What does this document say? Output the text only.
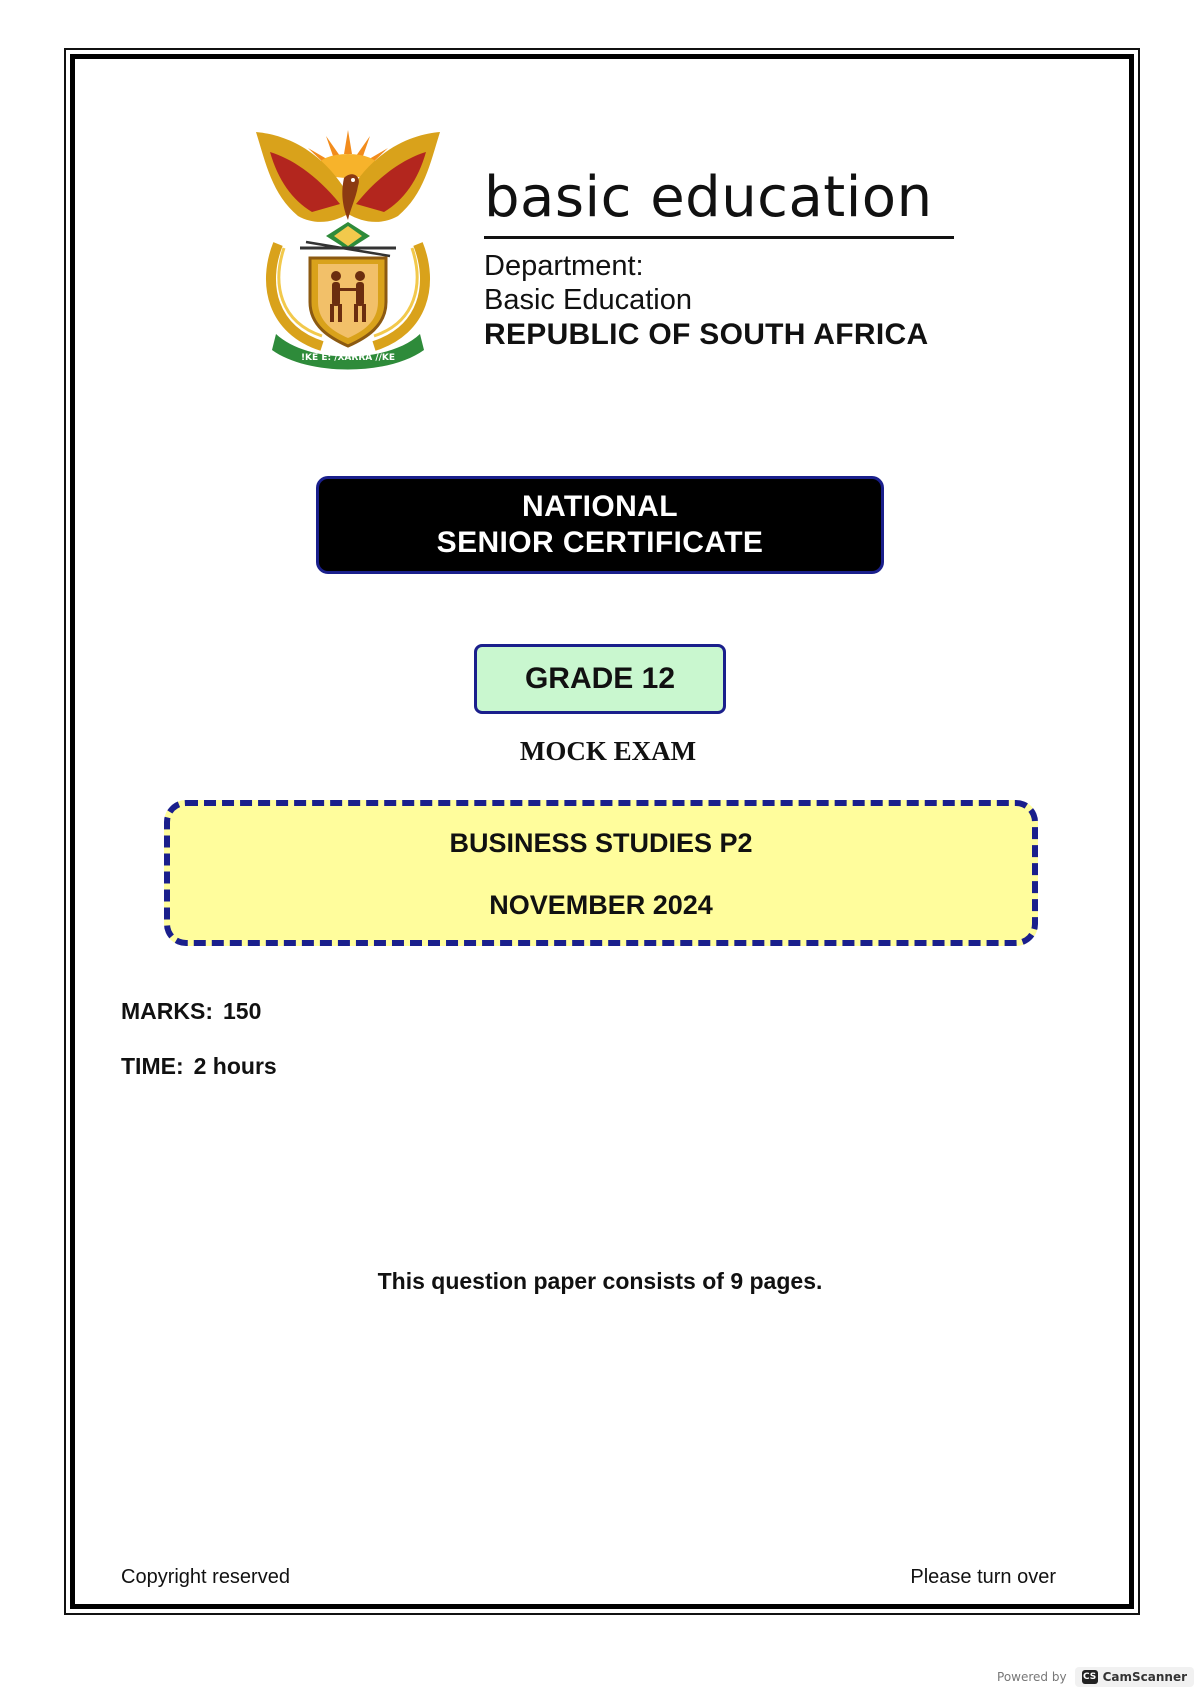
!KE E: /XARRA //KE
basic education
Department:
Basic Education
REPUBLIC OF SOUTH AFRICA
NATIONAL
SENIOR CERTIFICATE
GRADE 12
MOCK EXAM
BUSINESS STUDIES P2
NOVEMBER 2024
MARKS: 150
TIME: 2 hours
This question paper consists of 9 pages.
Copyright reserved	Please turn over
Powered by CS CamScanner
